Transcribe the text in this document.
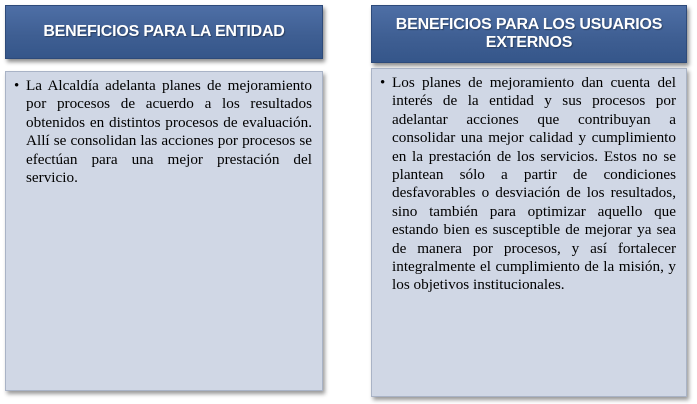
BENEFICIOS PARA LA ENTIDAD
• La Alcaldía adelanta planes de mejoramiento por procesos de acuerdo a los resultados obtenidos en distintos procesos de evaluación. Allí se consolidan las acciones por procesos se efectúan para una mejor prestación del servicio.
BENEFICIOS PARA LOS USUARIOS EXTERNOS
• Los planes de mejoramiento dan cuenta del interés de la entidad y sus procesos por adelantar acciones que contribuyan a consolidar una mejor calidad y cumplimiento en la prestación de los servicios. Estos no se plantean sólo a partir de condiciones desfavorables o desviación de los resultados, sino también para optimizar aquello que estando bien es susceptible de mejorar ya sea de manera por procesos, y así fortalecer integralmente el cumplimiento de la misión, y los objetivos institucionales.
